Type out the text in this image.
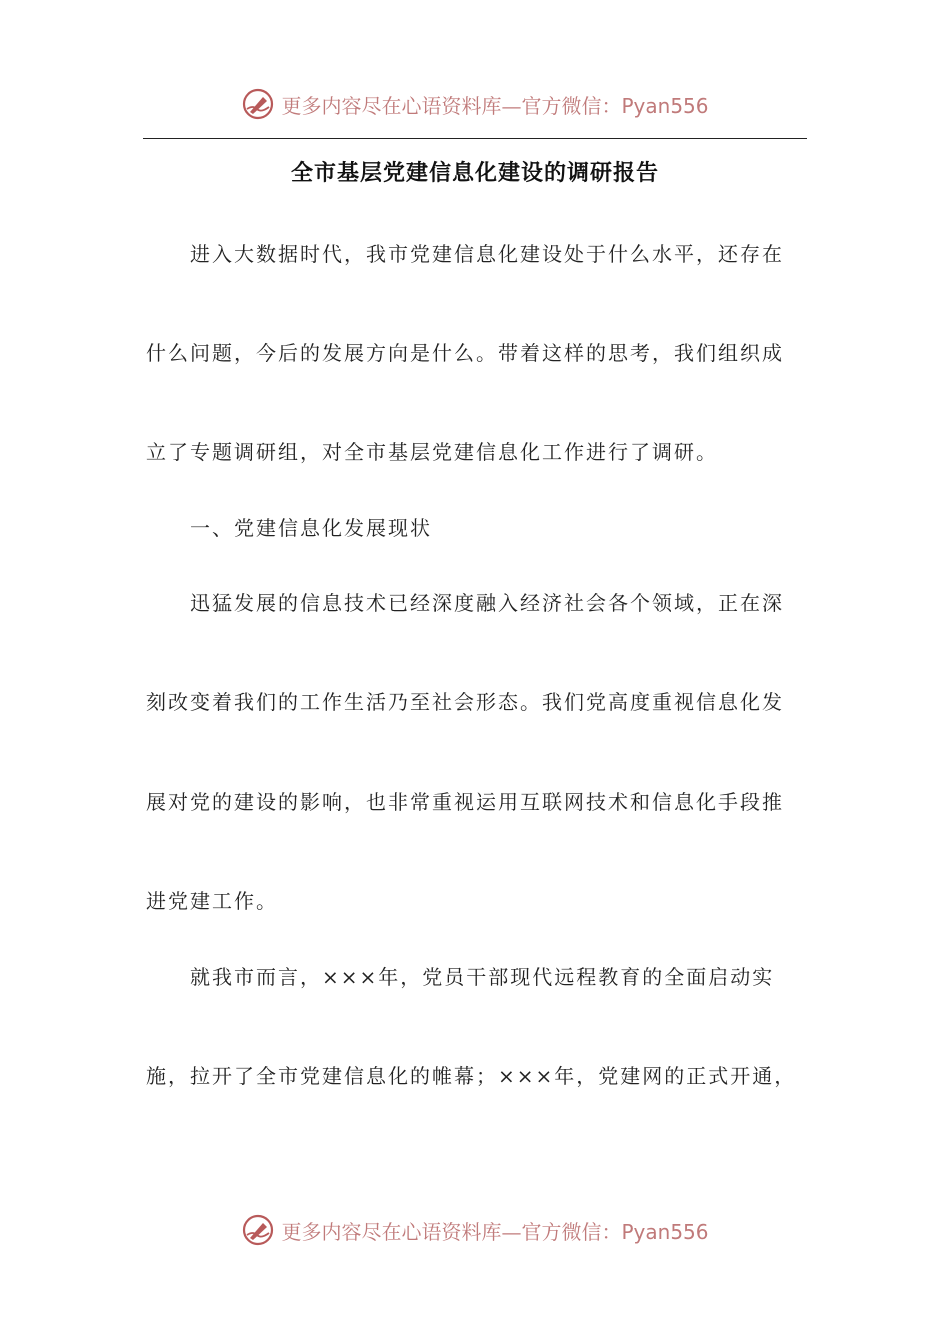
更多内容尽在心语资料库—官方微信：Pyan556
全市基层党建信息化建设的调研报告
进入大数据时代，我市党建信息化建设处于什么水平，还存在
什么问题，今后的发展方向是什么。带着这样的思考，我们组织成
立了专题调研组，对全市基层党建信息化工作进行了调研。
一、党建信息化发展现状
迅猛发展的信息技术已经深度融入经济社会各个领域，正在深
刻改变着我们的工作生活乃至社会形态。我们党高度重视信息化发
展对党的建设的影响，也非常重视运用互联网技术和信息化手段推
进党建工作。
就我市而言，×××年，党员干部现代远程教育的全面启动实
施，拉开了全市党建信息化的帷幕；×××年，党建网的正式开通，
更多内容尽在心语资料库—官方微信：Pyan556
